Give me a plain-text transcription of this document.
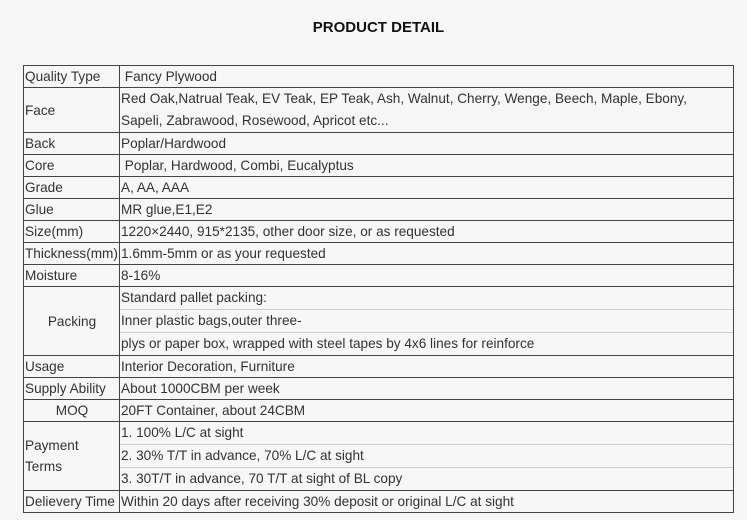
PRODUCT DETAIL
Quality Type	Fancy Plywood
Face	Red Oak,Natrual Teak, EV Teak, EP Teak, Ash, Walnut, Cherry, Wenge, Beech, Maple, Ebony,
Sapeli, Zabrawood, Rosewood, Apricot etc...

Back	Poplar/Hardwood
Core	Poplar, Hardwood, Combi, Eucalyptus
Grade	A, AA, AAA
Glue	MR glue,E1,E2
Size(mm)	1220×2440, 915*2135, other door size, or as requested
Thickness(mm)	1.6mm-5mm or as your requested
Moisture	8-16%
Packing	Standard pallet packing:
Inner plastic bags,outer three-
plys or paper box, wrapped with steel tapes by 4x6 lines for reinforce

Usage	Interior Decoration, Furniture
Supply Ability	About 1000CBM per week
MOQ	20FT Container, about 24CBM

Payment
Terms	1. 100% L/C at sight
2. 30% T/T in advance, 70% L/C at sight
3. 30T/T in advance, 70 T/T at sight of BL copy

Delievery Time	Within 20 days after receiving 30% deposit or original L/C at sight
